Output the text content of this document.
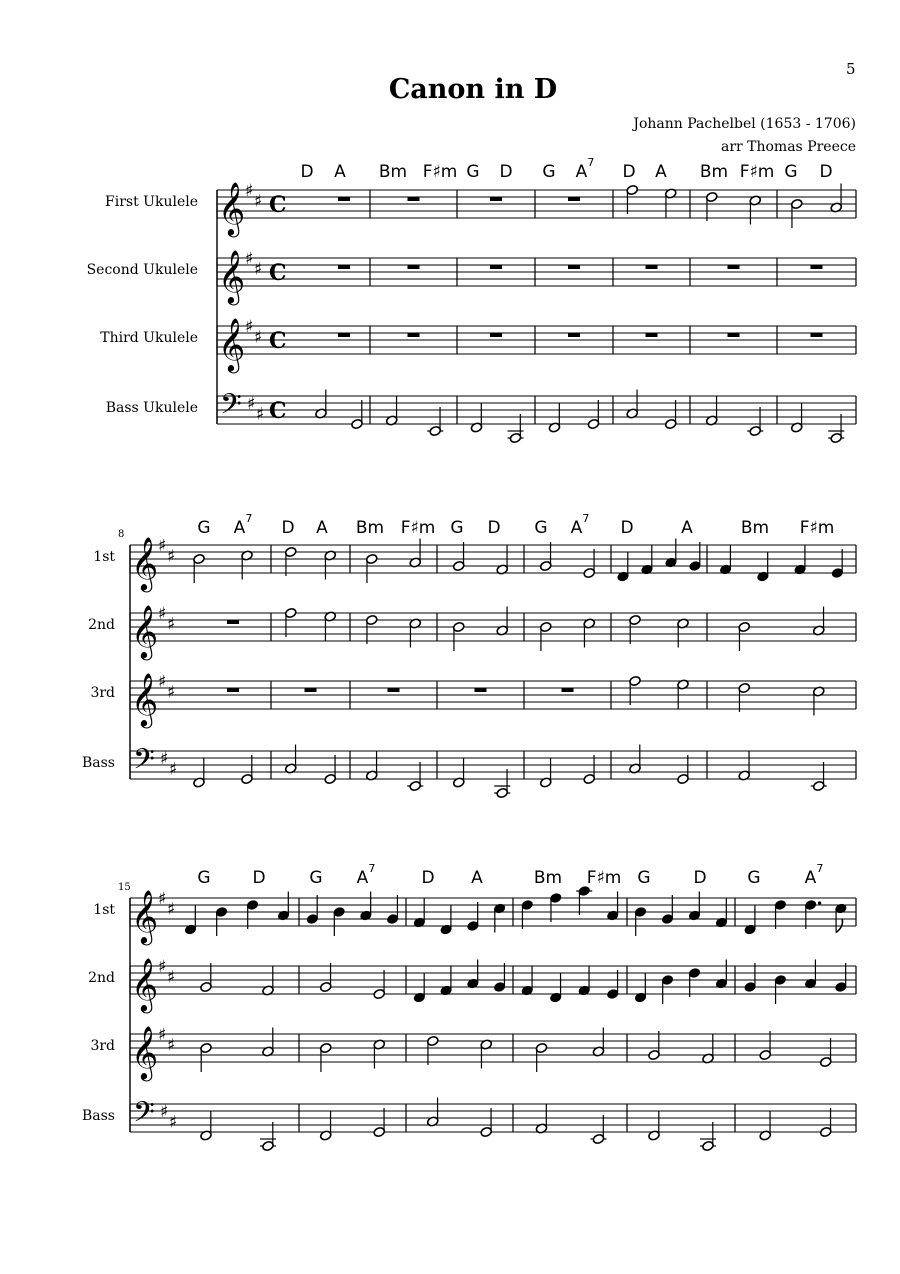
5
Canon in D
Johann Pachelbel (1653 - 1706)
arr Thomas Preece
First Ukulele
Second Ukulele
Third Ukulele
Bass Ukulele
1st
2nd
3rd
Bass
1st
2nd
3rd
Bass
D A Bm F♯m G D G $A^7$ D A Bm F♯m G D
G $A^7$ D A Bm F♯m G D G $A^7$ D	A	Bm F♯m
G D	G $A^7$	D A	Bm F♯m G	D G	$A^7$
8
15
𝄞 ♯
♯ C
𝄞 ♯
♯ C
𝄞 ♯
♯ C
𝄢 ♯
♯ C
𝄞 ♯
♯
𝄞 ♯
♯
𝄞 ♯
♯
𝄢 ♯
♯
𝄞 ♯
♯
𝄞 ♯
♯
𝄞 ♯
♯
𝄢 ♯
♯
